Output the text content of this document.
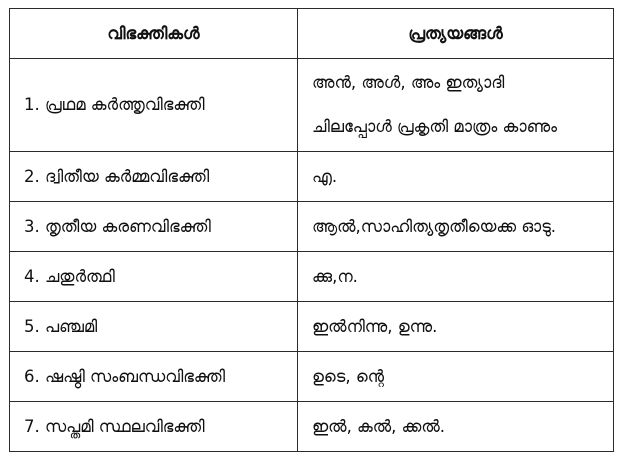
വിഭക്തികൾ	പ്രത്യയങ്ങൾ
1. പ്രഥമ കർത്തൃവിഭക്തി	അൻ, അൾ, അം ഇത്യാദി
ചിലപ്പോൾ പ്രകൃതി മാത്രം കാണും

2. ദ്വിതീയ കർമ്മവിഭക്തി	എ.
3. തൃതീയ കരണവിഭക്തി	ആൽ,സാഹിത്യതൃതീയെക്ക ഓടു.
4. ചതുർത്ഥി	ക്കു,ന.
5. പഞ്ചമി	ഇൽനിന്നു, ഉന്നു.
6. ഷഷ്ഠി സംബന്ധവിഭക്തി	ഉടെ, ന്റെ
7. സപ്തമി സ്ഥലവിഭക്തി	ഇൽ, കൽ, ക്കൽ.
